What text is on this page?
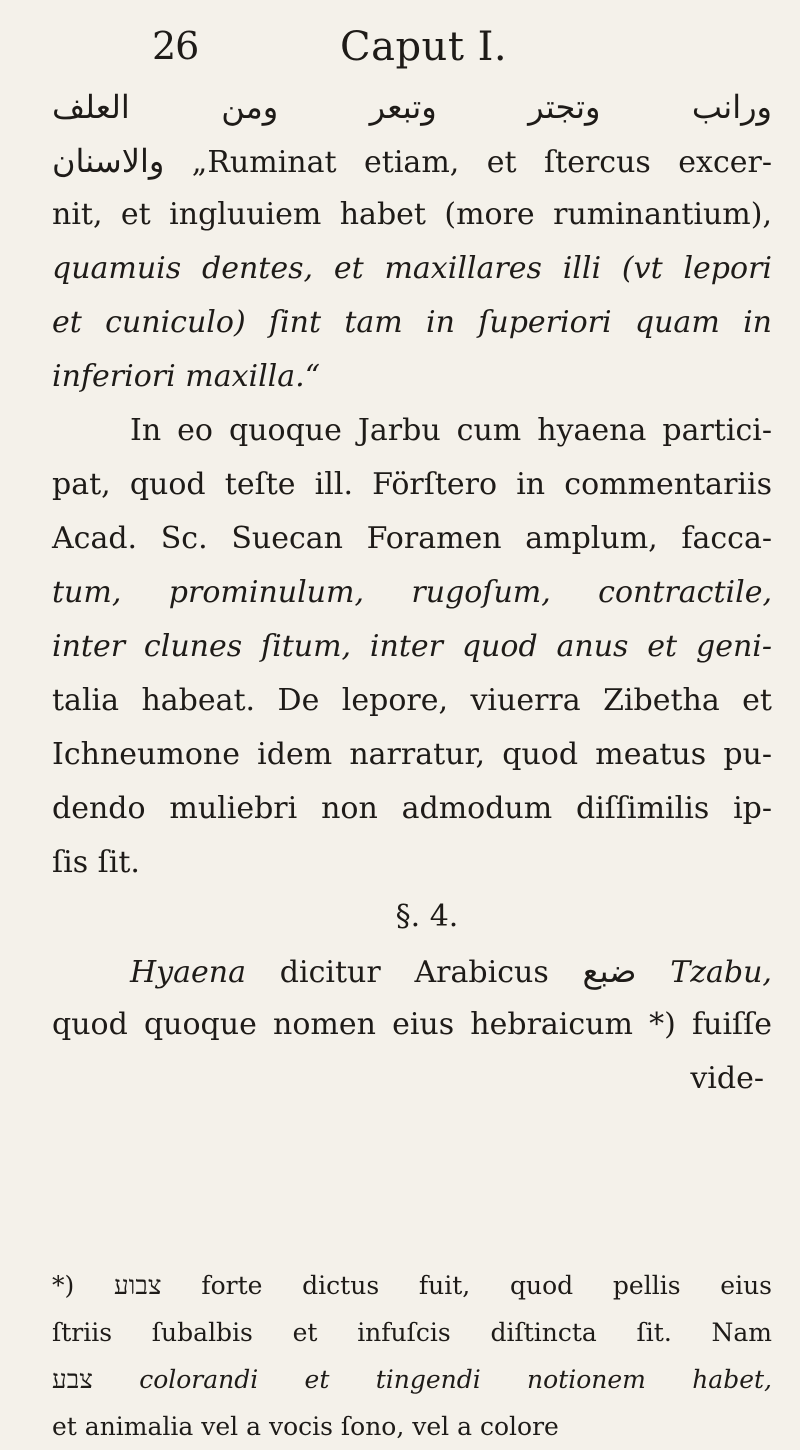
26	Caput I.
ورانب وتجتر وتبعر ومن العلف
والاسنان „Ruminat etiam, et ſtercus excer-
nit, et ingluuiem habet (more ruminantium),
quamuis dentes, et maxillares illi (vt lepori
et cuniculo) ſint tam in ſuperiori quam in
inferiori maxilla.“
In eo quoque Jarbu cum hyaena partici-
pat, quod teſte ill. Förſtero in commentariis
Acad. Sc. Suecan Foramen amplum, facca-
tum, prominulum, rugoſum, contractile,
inter clunes ſitum, inter quod anus et geni-
talia habeat. De lepore, viuerra Zibetha et
Ichneumone idem narratur, quod meatus pu-
dendo muliebri non admodum diſſimilis ip-
ſis ſit.
§. 4.
Hyaena dicitur Arabicus ضبع Tzabu,
quod quoque nomen eius hebraicum *) fuiſſe
vide-
*) צבוע forte dictus fuit, quod pellis eius
ſtriis ſubalbis et infuſcis diſtincta ſit. Nam
צבע colorandi et tingendi notionem habet,
et animalia vel a vocis ſono, vel a colore
